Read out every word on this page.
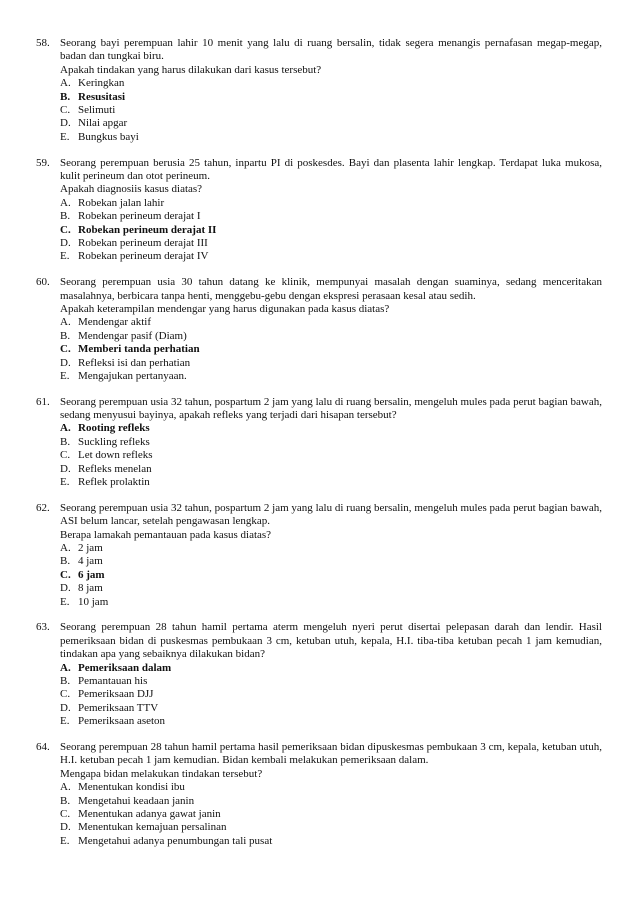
58. Seorang bayi perempuan lahir 10 menit yang lalu di ruang bersalin, tidak segera menangis pernafasan megap-megap, badan dan tungkai biru.
Apakah tindakan yang harus dilakukan dari kasus tersebut?
A. Keringkan
B. Resusitasi
C. Selimuti
D. Nilai apgar
E. Bungkus bayi
59. Seorang perempuan berusia 25 tahun, inpartu PI di poskesdes. Bayi dan plasenta lahir lengkap. Terdapat luka mukosa, kulit perineum dan otot perineum.
Apakah diagnosiis kasus diatas?
A. Robekan jalan lahir
B. Robekan perineum derajat I
C. Robekan perineum derajat II
D. Robekan perineum derajat III
E. Robekan perineum derajat IV
60. Seorang perempuan usia 30 tahun datang ke klinik, mempunyai masalah dengan suaminya, sedang menceritakan masalahnya, berbicara tanpa henti, menggebu-gebu dengan ekspresi perasaan kesal atau sedih.
Apakah keterampilan mendengar yang harus digunakan pada kasus diatas?
A. Mendengar aktif
B. Mendengar pasif (Diam)
C. Memberi tanda perhatian
D. Refleksi isi dan perhatian
E. Mengajukan pertanyaan.
61. Seorang perempuan usia 32 tahun, pospartum 2 jam yang lalu di ruang bersalin, mengeluh mules pada perut bagian bawah, sedang menyusui bayinya, apakah refleks yang terjadi dari hisapan tersebut?
A. Rooting refleks
B. Suckling refleks
C. Let down refleks
D. Refleks menelan
E. Reflek prolaktin
62. Seorang perempuan usia 32 tahun, pospartum 2 jam yang lalu di ruang bersalin, mengeluh mules pada perut bagian bawah, ASI belum lancar, setelah pengawasan lengkap.
Berapa lamakah pemantauan pada kasus diatas?
A. 2 jam
B. 4 jam
C. 6 jam
D. 8 jam
E. 10 jam
63. Seorang perempuan 28 tahun hamil pertama aterm mengeluh nyeri perut disertai pelepasan darah dan lendir. Hasil pemeriksaan bidan di puskesmas pembukaan 3 cm, ketuban utuh, kepala, H.I. tiba-tiba ketuban pecah 1 jam kemudian, tindakan apa yang sebaiknya dilakukan bidan?
A. Pemeriksaan dalam
B. Pemantauan his
C. Pemeriksaan DJJ
D. Pemeriksaan TTV
E. Pemeriksaan aseton
64. Seorang perempuan 28 tahun hamil pertama hasil pemeriksaan bidan dipuskesmas pembukaan 3 cm, kepala, ketuban utuh, H.I. ketuban pecah 1 jam kemudian. Bidan kembali melakukan pemeriksaan dalam.
Mengapa bidan melakukan tindakan tersebut?
A. Menentukan kondisi ibu
B. Mengetahui keadaan janin
C. Menentukan adanya gawat janin
D. Menentukan kemajuan persalinan
E. Mengetahui adanya penumbungan tali pusat
